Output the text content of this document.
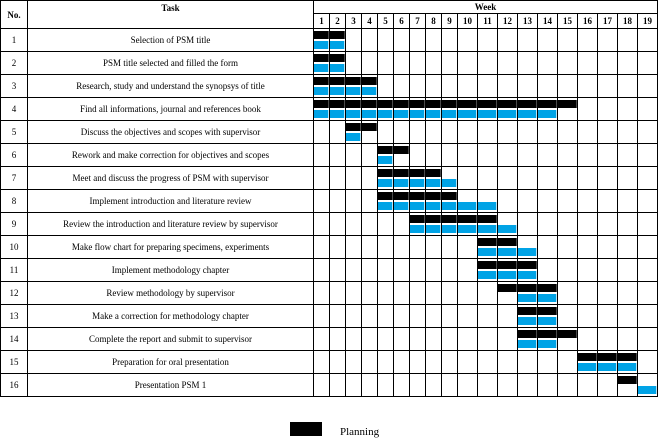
No.	Task	Week																		
		1	2	3	4	5	6	7	8	9	10	11	12	13	14	15	16	17	18	19
1	Selection of PSM title	

2	PSM title selected and filled the form	

3	Research, study and understand the synopsys of title	

4	Find all informations, journal and references book	

5	Discuss the objectives and scopes with supervisor			

6	Rework and make correction for objectives and scopes					

7	Meet and discuss the progress of PSM with supervisor					

8	Implement introduction and literature review					

9	Review the introduction and literature review by supervisor							

10	Make flow chart for preparing specimens, experiments											

11	Implement methodology chapter											

12	Review methodology by supervisor												

13	Make a correction for methodology chapter													

14	Complete the report and submit to supervisor													

15	Preparation for oral presentation																

16	Presentation PSM 1																		

Planning
